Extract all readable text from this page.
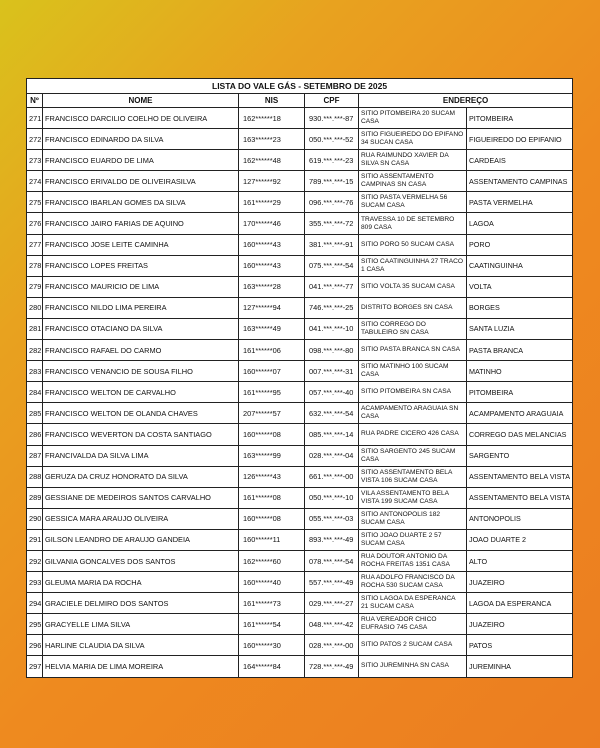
LISTA DO VALE GÁS - SETEMBRO DE 2025					
Nº	NOME	NIS	CPF	ENDEREÇO	
271	FRANCISCO DARCILIO COELHO DE OLIVEIRA	162******18	930.***.***-87	SITIO PITOMBEIRA 20 SUCAM CASA	PITOMBEIRA
272	FRANCISCO EDINARDO DA SILVA	163******23	050.***.***-52	SITIO FIGUEIREDO DO EPIFANO 34 SUCAN CASA	FIGUEIREDO DO EPIFANIO
273	FRANCISCO EUARDO DE LIMA	162******48	619.***.***-23	RUA RAIMUNDO XAVIER DA SILVA SN CASA	CARDEAIS
274	FRANCISCO ERIVALDO DE OLIVEIRASILVA	127******92	789.***.***-15	SITIO ASSENTAMENTO CAMPINAS SN CASA	ASSENTAMENTO CAMPINAS
275	FRANCISCO IBARLAN GOMES DA SILVA	161******29	096.***.***-76	SITIO PASTA VERMELHA 56 SUCAM CASA	PASTA VERMELHA
276	FRANCISCO JAIRO FARIAS DE AQUINO	170******46	355.***.***-72	TRAVESSA 10 DE SETEMBRO 809 CASA	LAGOA
277	FRANCISCO JOSE LEITE CAMINHA	160******43	381.***.***-91	SITIO PORO 50 SUCAM CASA	PORO
278	FRANCISCO LOPES FREITAS	160******43	075.***.***-54	SITIO CAATINGUINHA 27 TRACO 1 CASA	CAATINGUINHA
279	FRANCISCO MAURICIO DE LIMA	163******28	041.***.***-77	SITIO VOLTA 35 SUCAM CASA	VOLTA
280	FRANCISCO NILDO LIMA PEREIRA	127******94	746.***.***-25	DISTRITO BORGES SN CASA	BORGES
281	FRANCISCO OTACIANO DA SILVA	163******49	041.***.***-10	SITIO CORREGO DO TABULEIRO SN CASA	SANTA LUZIA
282	FRANCISCO RAFAEL DO CARMO	161******06	098.***.***-80	SITIO PASTA BRANCA SN CASA	PASTA BRANCA
283	FRANCISCO VENANCIO DE SOUSA FILHO	160******07	007.***.***-31	SITIO MATINHO 100 SUCAM CASA	MATINHO
284	FRANCISCO WELTON DE CARVALHO	161******95	057.***.***-40	SITIO PITOMBEIRA SN CASA	PITOMBEIRA
285	FRANCISCO WELTON DE OLANDA CHAVES	207******57	632.***.***-54	ACAMPAMENTO ARAGUAIA SN CASA	ACAMPAMENTO ARAGUAIA
286	FRANCISCO WEVERTON DA COSTA SANTIAGO	160******08	085.***.***-14	RUA PADRE CICERO 426 CASA	CORREGO DAS MELANCIAS
287	FRANCIVALDA DA SILVA LIMA	163******99	028.***.***-04	SITIO SARGENTO 245 SUCAM CASA	SARGENTO
288	GERUZA DA CRUZ HONORATO DA SILVA	126******43	661.***.***-00	SITIO ASSENTAMENTO BELA VISTA 106 SUCAM CASA	ASSENTAMENTO BELA VISTA
289	GESSIANE DE MEDEIROS SANTOS CARVALHO	161******08	050.***.***-10	VILA ASSENTAMENTO BELA VISTA 199 SUCAM CASA	ASSENTAMENTO BELA VISTA
290	GESSICA MARA ARAUJO OLIVEIRA	160******08	055.***.***-03	SITIO ANTONOPOLIS 182 SUCAM CASA	ANTONOPOLIS
291	GILSON LEANDRO DE ARAUJO GANDEIA	160******11	893.***.***-49	SITIO JOAO DUARTE 2 57 SUCAM CASA	JOAO DUARTE 2
292	GILVANIA GONCALVES DOS SANTOS	162******60	078.***.***-54	RUA DOUTOR ANTONIO DA ROCHA FREITAS 1351 CASA	ALTO
293	GLEUMA MARIA DA ROCHA	160******40	557.***.***-49	RUA ADOLFO FRANCISCO DA ROCHA 530 SUCAM CASA	JUAZEIRO
294	GRACIELE DELMIRO DOS SANTOS	161******73	029.***.***-27	SITIO LAGOA DA ESPERANCA 21 SUCAM CASA	LAGOA DA ESPERANCA
295	GRACYELLE LIMA SILVA	161******54	048.***.***-42	RUA VEREADOR CHICO EUFRASIO 745 CASA	JUAZEIRO
296	HARLINE CLAUDIA DA SILVA	160******30	028.***.***-00	SITIO PATOS 2 SUCAM CASA	PATOS
297	HELVIA MARIA DE LIMA MOREIRA	164******84	728.***.***-49	SITIO JUREMINHA SN CASA	JUREMINHA
